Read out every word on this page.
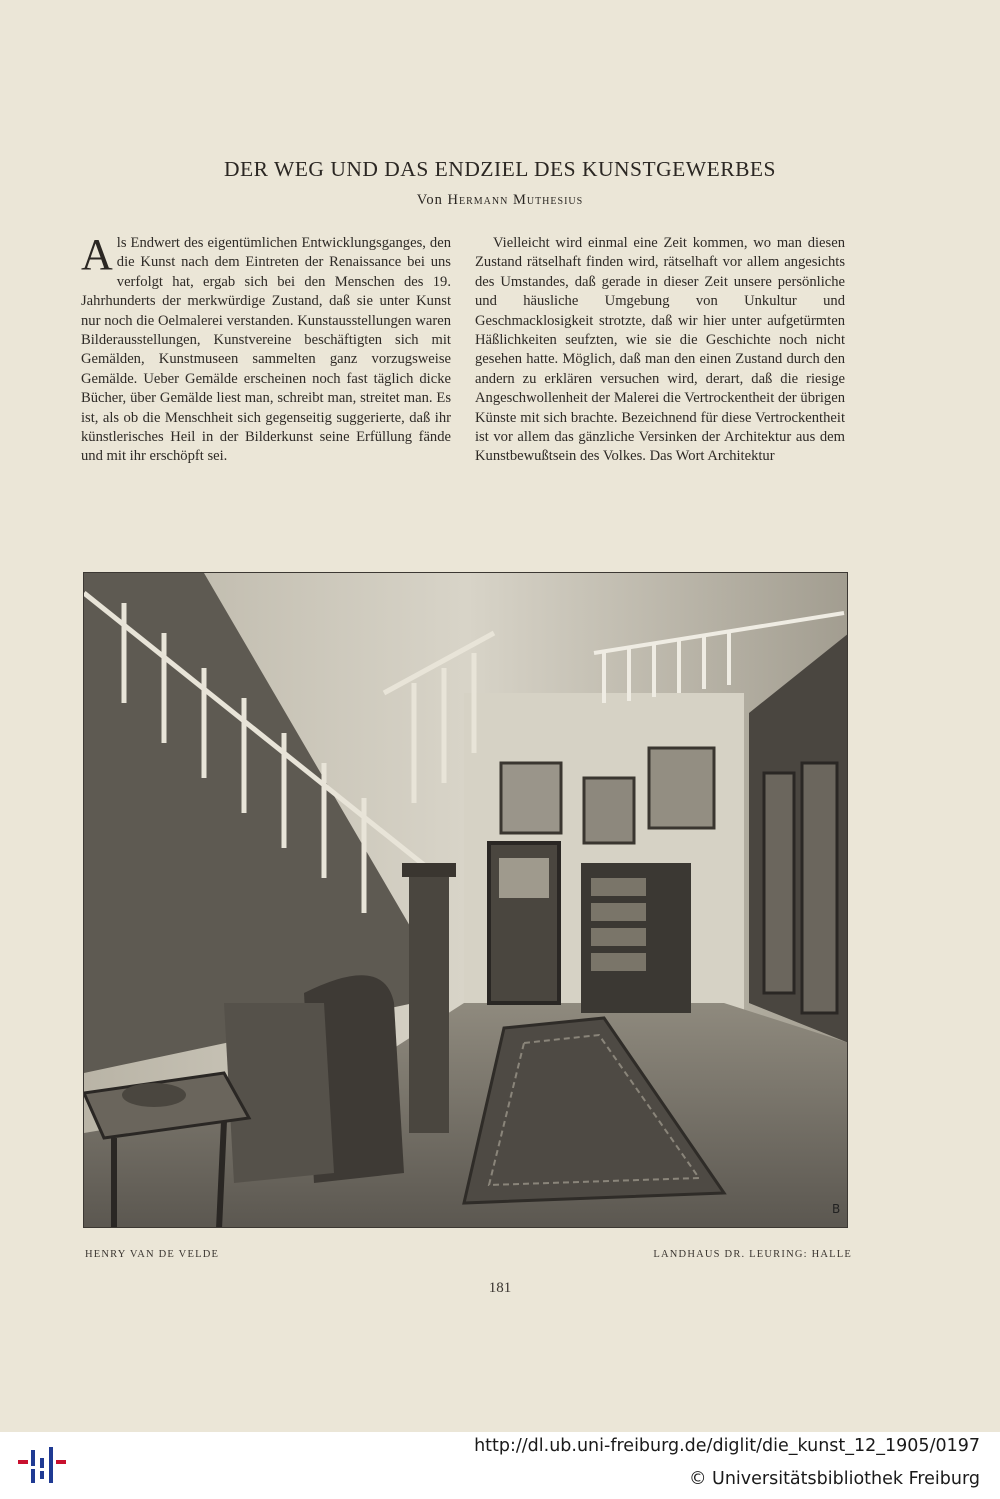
DER WEG UND DAS ENDZIEL DES KUNSTGEWERBES
Von Hermann Muthesius

Als Endwert des eigentümlichen Entwicklungsganges, den die Kunst nach dem Eintreten der Renaissance bei uns verfolgt hat, ergab sich bei den Menschen des 19. Jahrhunderts der merkwürdige Zustand, daß sie unter Kunst nur noch die Oelmalerei verstanden. Kunstausstellungen waren Bilderausstellungen, Kunstvereine beschäftigten sich mit Gemälden, Kunstmuseen sammelten ganz vorzugsweise Gemälde. Ueber Gemälde erscheinen noch fast täglich dicke Bücher, über Gemälde liest man, schreibt man, streitet man. Es ist, als ob die Menschheit sich gegenseitig suggerierte, daß ihr künstlerisches Heil in der Bilderkunst seine Erfüllung fände und mit ihr erschöpft sei.

Vielleicht wird einmal eine Zeit kommen, wo man diesen Zustand rätselhaft finden wird, rätselhaft vor allem angesichts des Umstandes, daß gerade in dieser Zeit unsere persönliche und häusliche Umgebung von Unkultur und Geschmacklosigkeit strotzte, daß wir hier unter aufgetürmten Häßlichkeiten seufzten, wie sie die Geschichte noch nicht gesehen hatte. Möglich, daß man den einen Zustand durch den andern zu erklären versuchen wird, derart, daß die riesige Angeschwollenheit der Malerei die Vertrockentheit der übrigen Künste mit sich brachte. Bezeichnend für diese Vertrockentheit ist vor allem das gänzliche Versinken der Architektur aus dem Kunstbewußtsein des Volkes. Das Wort Architektur

B
HENRY VAN DE VELDE	LANDHAUS DR. LEURING: HALLE
181
http://dl.ub.uni-freiburg.de/diglit/die_kunst_12_1905/0197
© Universitätsbibliothek Freiburg
